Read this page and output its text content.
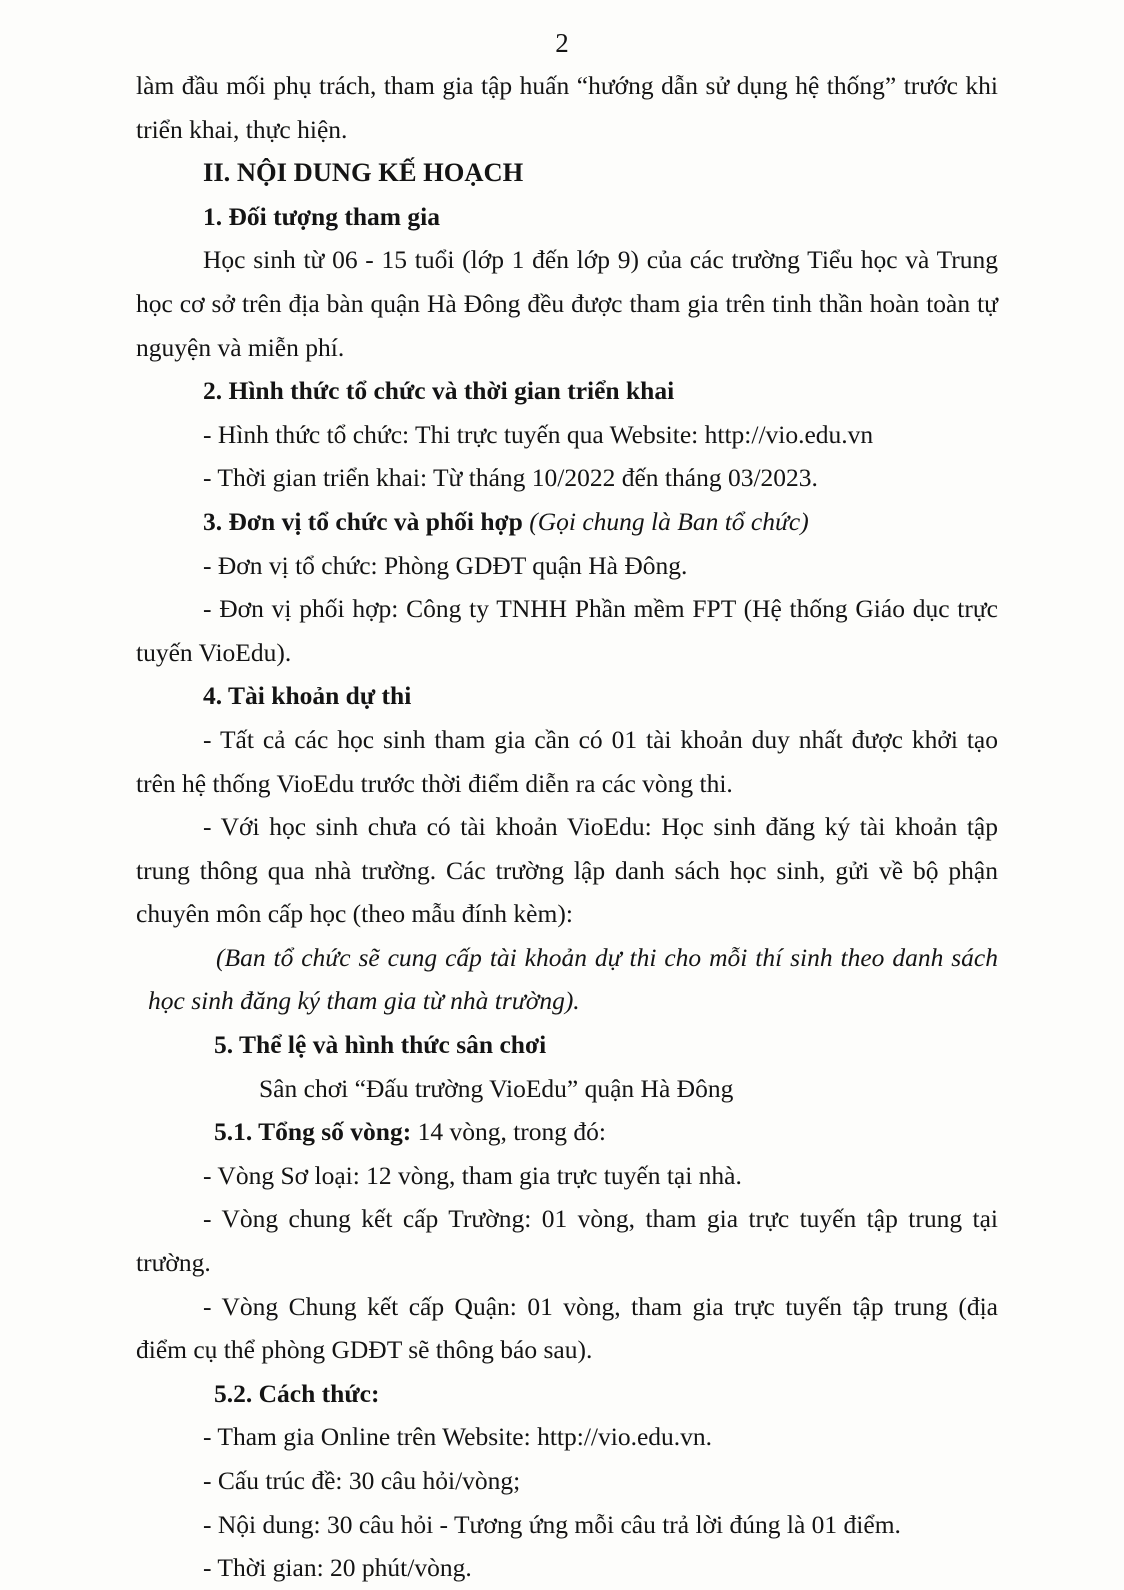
2
làm đầu mối phụ trách, tham gia tập huấn “hướng dẫn sử dụng hệ thống” trước khi
triển khai, thực hiện.
II. NỘI DUNG KẾ HOẠCH
1. Đối tượng tham gia
Học sinh từ 06 - 15 tuổi (lớp 1 đến lớp 9) của các trường Tiểu học và Trung
học cơ sở trên địa bàn quận Hà Đông đều được tham gia trên tinh thần hoàn toàn tự
nguyện và miễn phí.
2. Hình thức tổ chức và thời gian triển khai
- Hình thức tổ chức: Thi trực tuyến qua Website: http://vio.edu.vn
- Thời gian triển khai: Từ tháng 10/2022 đến tháng 03/2023.
3. Đơn vị tổ chức và phối hợp (Gọi chung là Ban tổ chức)
- Đơn vị tổ chức: Phòng GDĐT quận Hà Đông.
- Đơn vị phối hợp: Công ty TNHH Phần mềm FPT (Hệ thống Giáo dục trực
tuyến VioEdu).
4. Tài khoản dự thi
- Tất cả các học sinh tham gia cần có 01 tài khoản duy nhất được khởi tạo
trên hệ thống VioEdu trước thời điểm diễn ra các vòng thi.
- Với học sinh chưa có tài khoản VioEdu: Học sinh đăng ký tài khoản tập
trung thông qua nhà trường. Các trường lập danh sách học sinh, gửi về bộ phận
chuyên môn cấp học (theo mẫu đính kèm):
(Ban tổ chức sẽ cung cấp tài khoản dự thi cho mỗi thí sinh theo danh sách
học sinh đăng ký tham gia từ nhà trường).
5. Thể lệ và hình thức sân chơi
Sân chơi “Đấu trường VioEdu” quận Hà Đông
5.1. Tổng số vòng: 14 vòng, trong đó:
- Vòng Sơ loại: 12 vòng, tham gia trực tuyến tại nhà.
- Vòng chung kết cấp Trường: 01 vòng, tham gia trực tuyến tập trung tại
trường.
- Vòng Chung kết cấp Quận: 01 vòng, tham gia trực tuyến tập trung (địa
điểm cụ thể phòng GDĐT sẽ thông báo sau).
5.2. Cách thức:
- Tham gia Online trên Website: http://vio.edu.vn.
- Cấu trúc đề: 30 câu hỏi/vòng;
- Nội dung: 30 câu hỏi - Tương ứng mỗi câu trả lời đúng là 01 điểm.
- Thời gian: 20 phút/vòng.
